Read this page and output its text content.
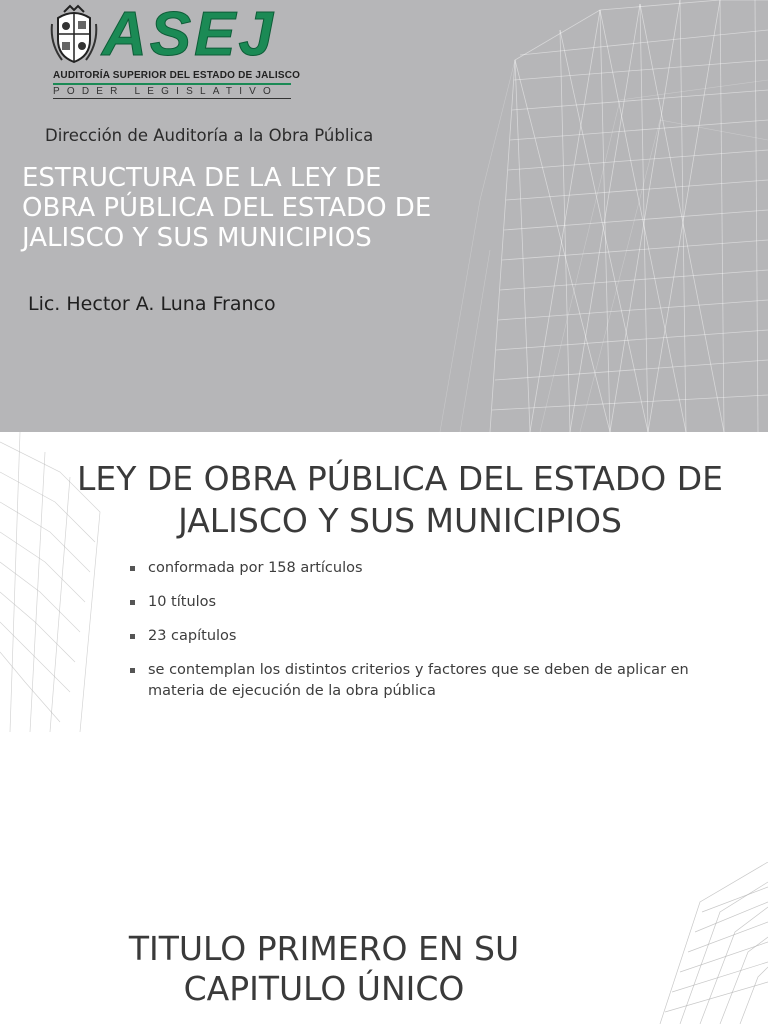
ASEJ
AUDITORÍA SUPERIOR DEL ESTADO DE JALISCO
PODER LEGISLATIVO
Dirección de Auditoría a la Obra Pública
ESTRUCTURA DE LA LEY DE OBRA PÚBLICA DEL ESTADO DE JALISCO Y SUS MUNICIPIOS
Lic. Hector A. Luna Franco
LEY DE OBRA PÚBLICA DEL ESTADO DE JALISCO Y SUS MUNICIPIOS
conformada por 158 artículos
10 títulos
23 capítulos
se contemplan los distintos criterios y factores que se deben de aplicar en materia de ejecución de la obra pública
TITULO PRIMERO EN SU CAPITULO ÚNICO
